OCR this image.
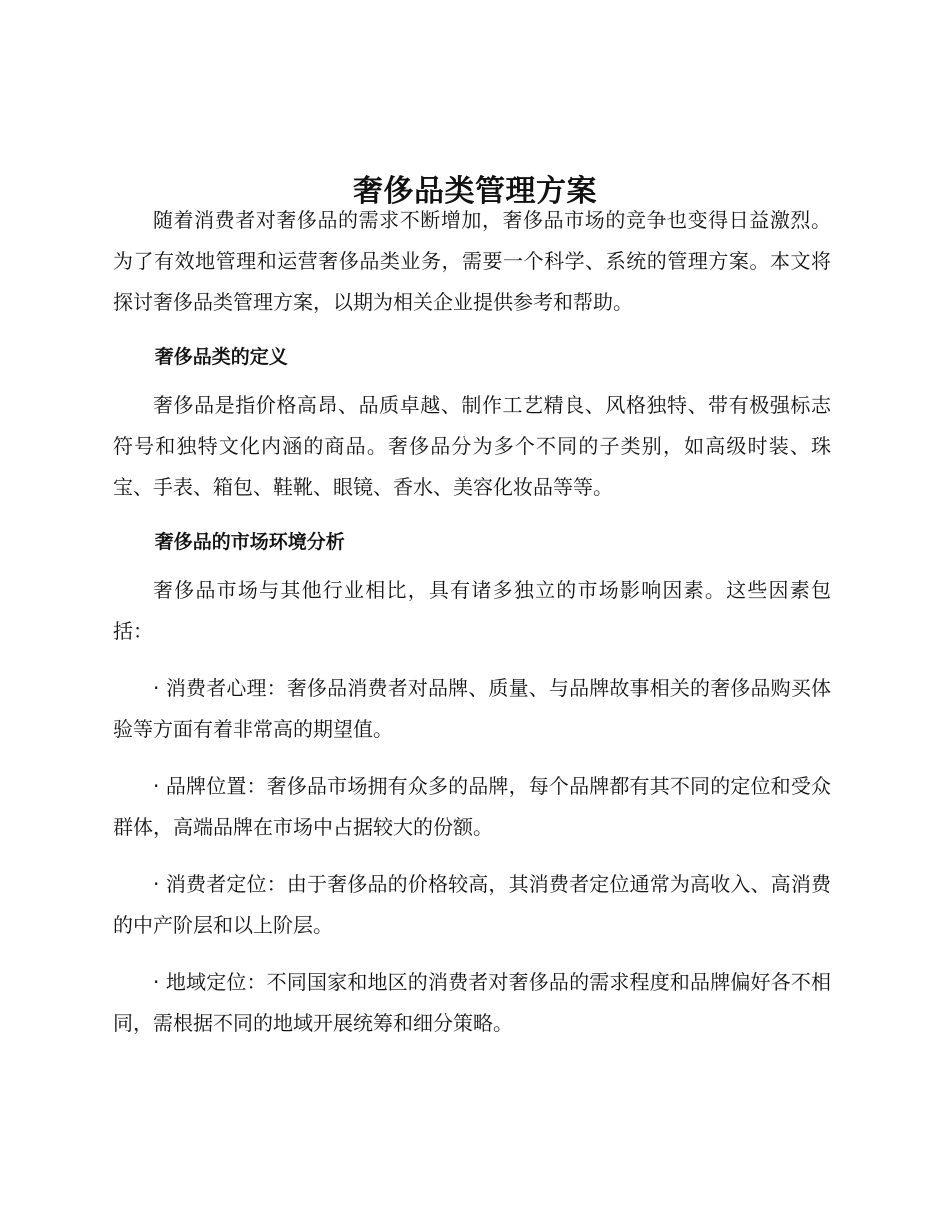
奢侈品类管理方案

随着消费者对奢侈品的需求不断增加，奢侈品市场的竞争也变得日益激烈。为了有效地管理和运营奢侈品类业务，需要一个科学、系统的管理方案。本文将探讨奢侈品类管理方案，以期为相关企业提供参考和帮助。

奢侈品类的定义

奢侈品是指价格高昂、品质卓越、制作工艺精良、风格独特、带有极强标志符号和独特文化内涵的商品。奢侈品分为多个不同的子类别，如高级时装、珠宝、手表、箱包、鞋靴、眼镜、香水、美容化妆品等等。

奢侈品的市场环境分析

奢侈品市场与其他行业相比，具有诸多独立的市场影响因素。这些因素包括：

· 消费者心理：奢侈品消费者对品牌、质量、与品牌故事相关的奢侈品购买体验等方面有着非常高的期望值。

· 品牌位置：奢侈品市场拥有众多的品牌，每个品牌都有其不同的定位和受众群体，高端品牌在市场中占据较大的份额。

· 消费者定位：由于奢侈品的价格较高，其消费者定位通常为高收入、高消费的中产阶层和以上阶层。

· 地域定位：不同国家和地区的消费者对奢侈品的需求程度和品牌偏好各不相同，需根据不同的地域开展统筹和细分策略。
